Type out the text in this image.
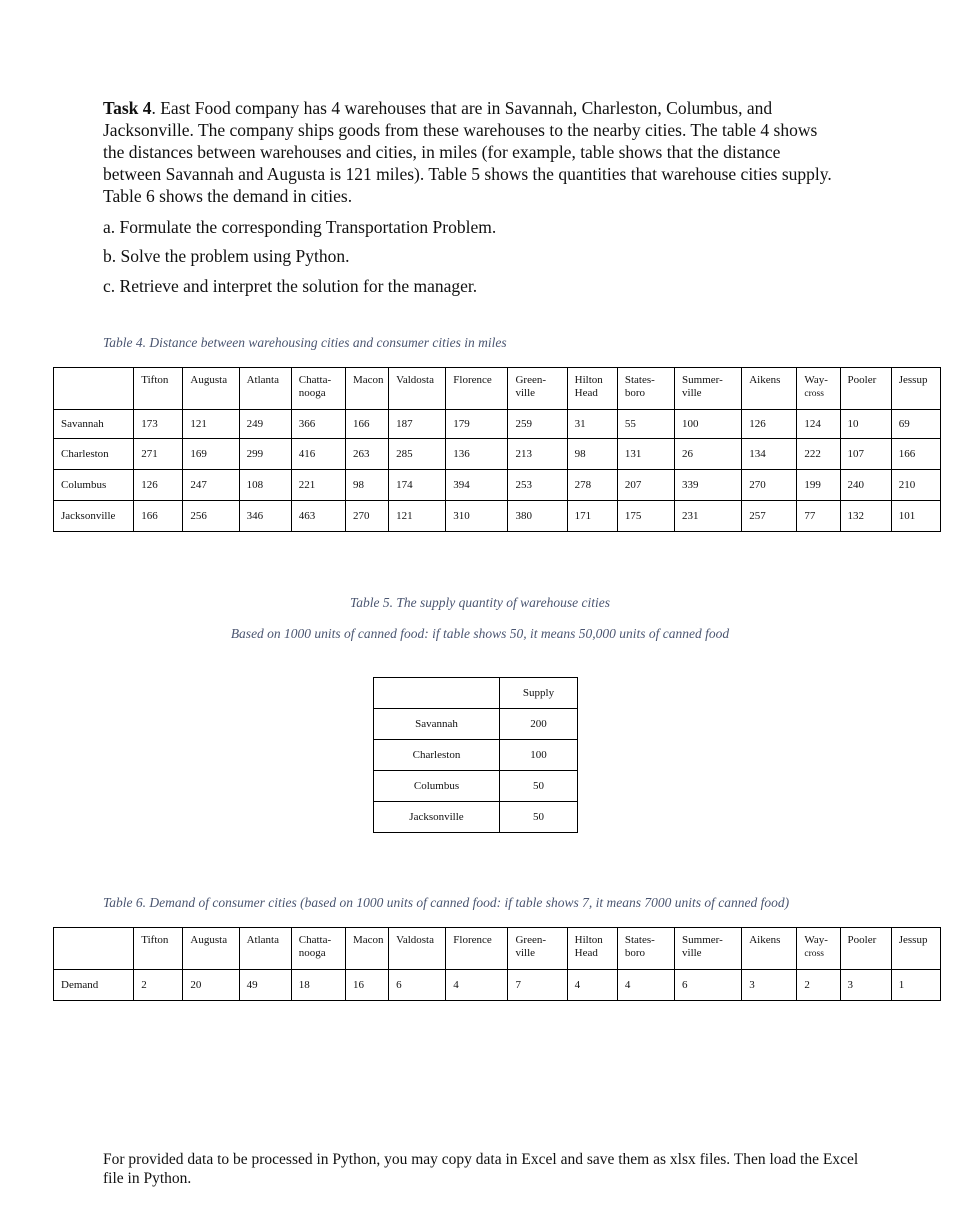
Task 4. East Food company has 4 warehouses that are in Savannah, Charleston, Columbus, and Jacksonville. The company ships goods from these warehouses to the nearby cities. The table 4 shows the distances between warehouses and cities, in miles (for example, table shows that the distance between Savannah and Augusta is 121 miles). Table 5 shows the quantities that warehouse cities supply. Table 6 shows the demand in cities.
a. Formulate the corresponding Transportation Problem.
b. Solve the problem using Python.
c. Retrieve and interpret the solution for the manager.
Table 4. Distance between warehousing cities and consumer cities in miles
	Tifton	Augusta	Atlanta	Chatta-
nooga	Macon	Valdosta	Florence	Green-
ville	Hilton
Head	States-
boro	Summer-
ville	Aikens	Way-
cross	Pooler	Jessup
Savannah	173	121	249	366	166	187	179	259	31	55	100	126	124	10	69
Charleston	271	169	299	416	263	285	136	213	98	131	26	134	222	107	166
Columbus	126	247	108	221	98	174	394	253	278	207	339	270	199	240	210
Jacksonville	166	256	346	463	270	121	310	380	171	175	231	257	77	132	101
Table 5. The supply quantity of warehouse cities
Based on 1000 units of canned food: if table shows 50, it means 50,000 units of canned food
	Supply
Savannah	200
Charleston	100
Columbus	50
Jacksonville	50
Table 6. Demand of consumer cities (based on 1000 units of canned food: if table shows 7, it means 7000 units of canned food)
	Tifton	Augusta	Atlanta	Chatta-
nooga	Macon	Valdosta	Florence	Green-
ville	Hilton
Head	States-
boro	Summer-
ville	Aikens	Way-
cross	Pooler	Jessup
Demand	2	20	49	18	16	6	4	7	4	4	6	3	2	3	1
For provided data to be processed in Python, you may copy data in Excel and save them as xlsx files. Then load the Excel file in Python.
